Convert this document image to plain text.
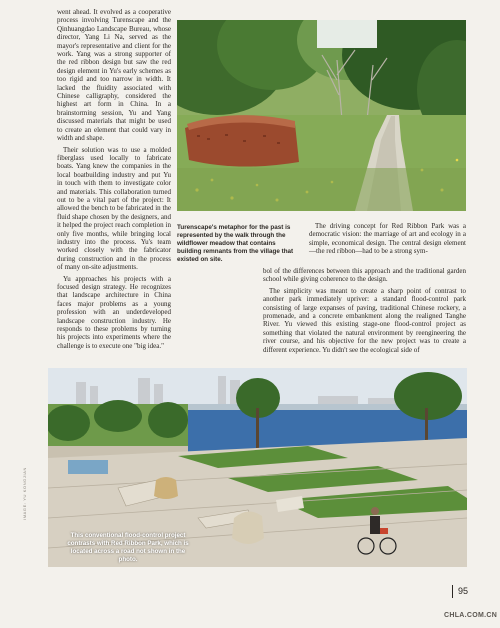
went ahead. It evolved as a cooperative process involving Turenscape and the Qinhuangdao Landscape Bureau, whose director, Yang Li Na, served as the mayor's representative and client for the work. Yang was a strong supporter of the red ribbon design but saw the red design element in Yu's early schemes as too rigid and too narrow in width. It lacked the fluidity associated with Chinese calligraphy, considered the highest art form in China. In a brainstorming session, Yu and Yang discussed materials that might be used to create an element that could vary in width and shape.

Their solution was to use a molded fiberglass used locally to fabricate boats. Yang knew the companies in the local boatbuilding industry and put Yu in touch with them to investigate color and materials. This collaboration turned out to be a vital part of the project: It allowed the bench to be fabricated in the fluid shape chosen by the designers, and it helped the project reach completion in only five months, while bringing local industry into the process. Yu's team worked closely with the fabricator during construction and in the process of many on-site adjustments.

Yu approaches his projects with a focused design strategy. He recognizes that landscape architecture in China faces major problems as a young profession with an underdeveloped landscape construction industry. He responds to these problems by turning his projects into experiments where the challenge is to execute one "big idea."

Turenscape's metaphor for the past is represented by the walk through the wildflower meadow that contains building remnants from the village that existed on site.

The driving concept for Red Ribbon Park was a democratic vision: the marriage of art and ecology in a simple, economical design. The central design element—the red ribbon—had to be a strong sym-

bol of the differences between this approach and the traditional garden school while giving coherence to the design.

The simplicity was meant to create a sharp point of contrast to another park immediately upriver: a standard flood-control park consisting of large expanses of paving, traditional Chinese rockery, a promenade, and a concrete embankment along the realigned Tanghe River. Yu viewed this existing stage-one flood-control project as something that violated the natural environment by reengineering the river course, and his objective for the new project was to create a different experience. Yu didn't see the ecological side of

This conventional flood-control project contrasts with Red Ribbon Park, which is located across a road not shown in the photo.
IMAGE: YU KONGJIAN
95
CHLA.COM.CN
